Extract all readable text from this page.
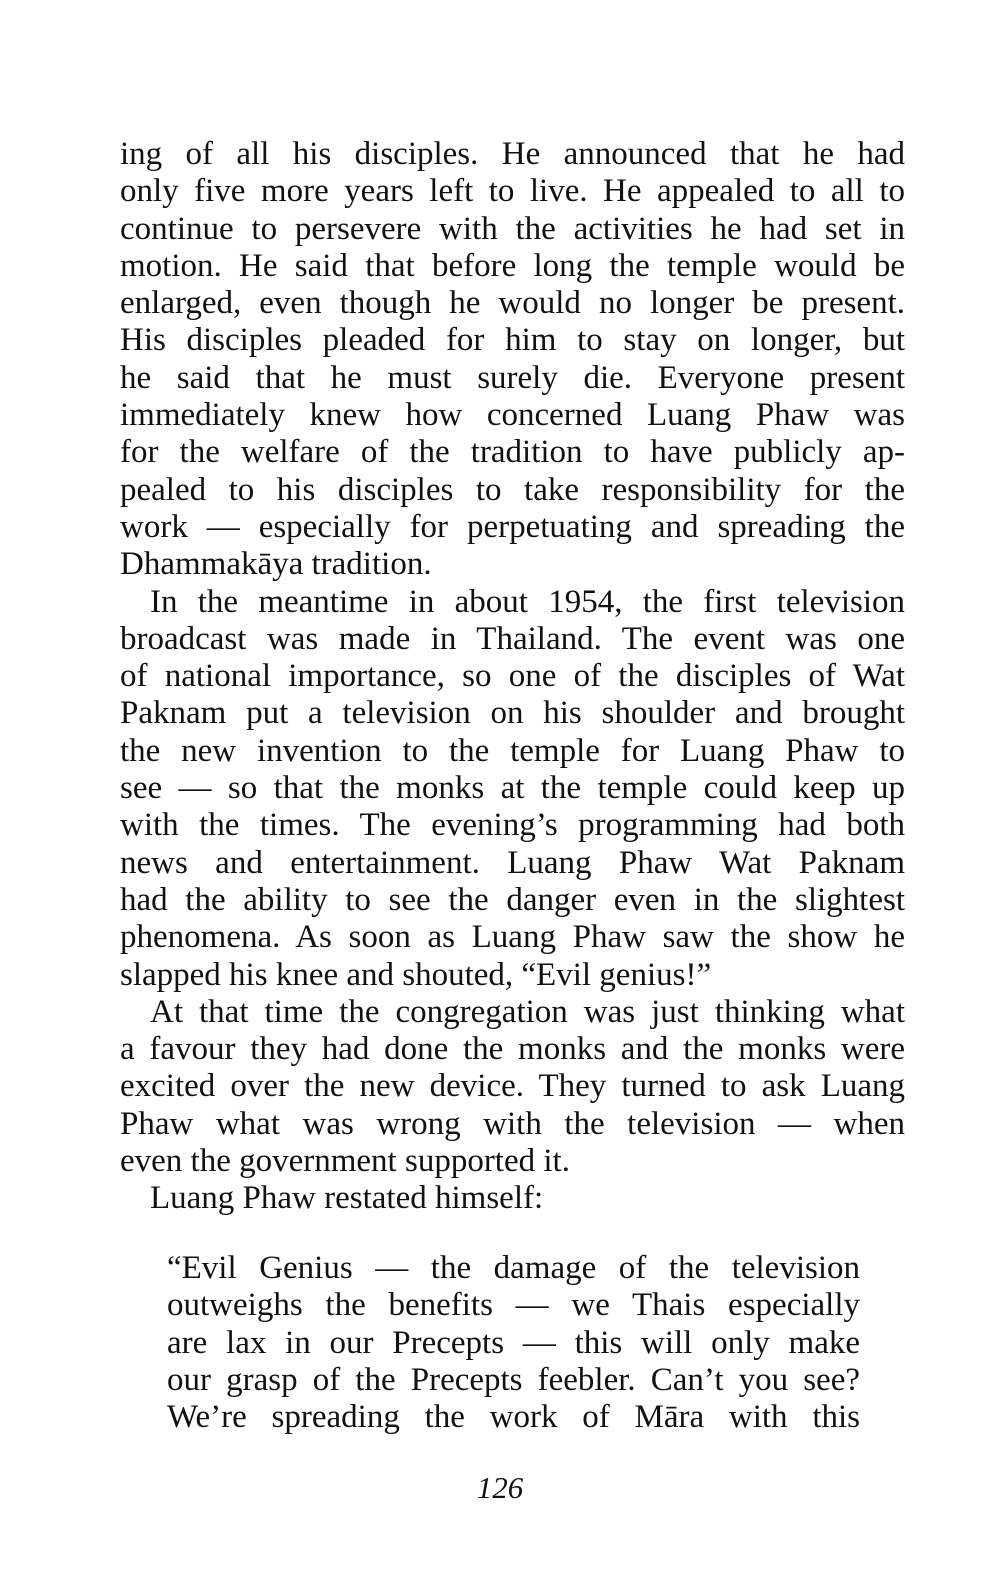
ing of all his disciples. He announced that he had
only five more years left to live. He appealed to all to
continue to persevere with the activities he had set in
motion. He said that before long the temple would be
enlarged, even though he would no longer be present.
His disciples pleaded for him to stay on longer, but
he said that he must surely die. Everyone present
immediately knew how concerned Luang Phaw was
for the welfare of the tradition to have publicly ap-
pealed to his disciples to take responsibility for the
work — especially for perpetuating and spreading the
Dhammakāya tradition.
In the meantime in about 1954, the first television
broadcast was made in Thailand. The event was one
of national importance, so one of the disciples of Wat
Paknam put a television on his shoulder and brought
the new invention to the temple for Luang Phaw to
see — so that the monks at the temple could keep up
with the times. The evening’s programming had both
news and entertainment. Luang Phaw Wat Paknam
had the ability to see the danger even in the slightest
phenomena. As soon as Luang Phaw saw the show he
slapped his knee and shouted, “Evil genius!”
At that time the congregation was just thinking what
a favour they had done the monks and the monks were
excited over the new device. They turned to ask Luang
Phaw what was wrong with the television — when
even the government supported it.
Luang Phaw restated himself:
“Evil Genius — the damage of the television
outweighs the benefits — we Thais especially
are lax in our Precepts — this will only make
our grasp of the Precepts feebler. Can’t you see?
We’re spreading the work of Māra with this
126
